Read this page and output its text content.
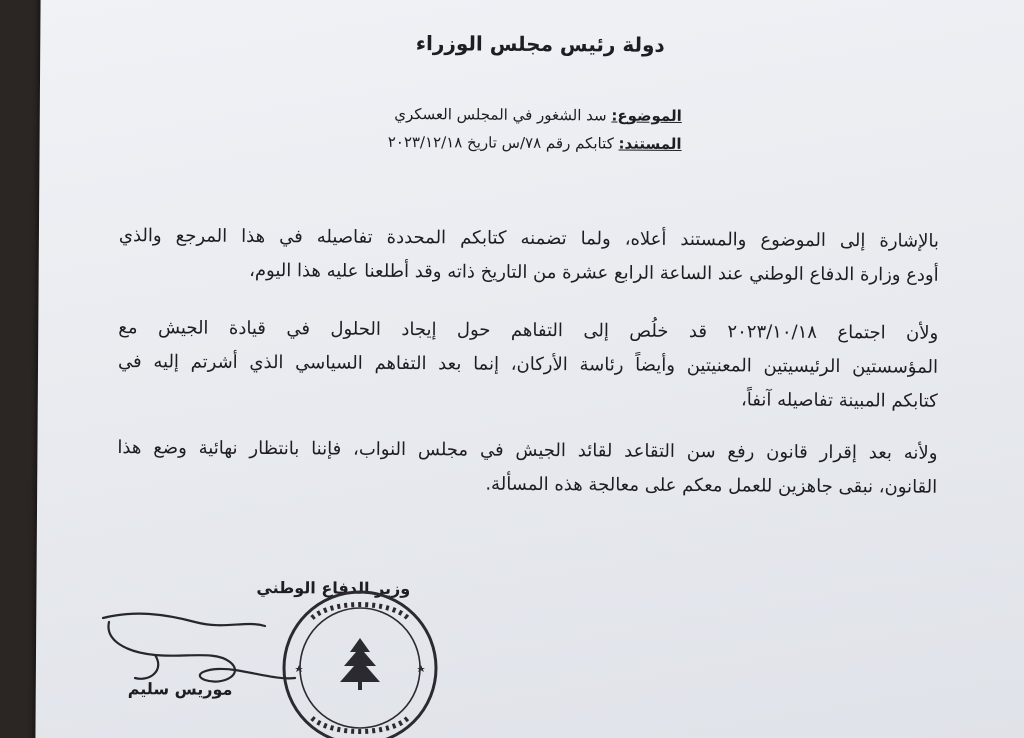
دولة رئيس مجلس الوزراء
الموضوع: سد الشغور في المجلس العسكري
المستند: كتابكم رقم ٧٨/س تاريخ ٢٠٢٣/١٢/١٨
بالإشارة إلى الموضوع والمستند أعلاه، ولما تضمنه كتابكم المحددة تفاصيله في هذا المرجع والذي
أودع وزارة الدفاع الوطني عند الساعة الرابع عشرة من التاريخ ذاته وقد أطلعنا عليه هذا اليوم،
ولأن اجتماع ٢٠٢٣/١٠/١٨ قد خلُص إلى التفاهم حول إيجاد الحلول في قيادة الجيش مع
المؤسستين الرئيسيتين المعنيتين وأيضاً رئاسة الأركان، إنما بعد التفاهم السياسي الذي أشرتم إليه في
كتابكم المبينة تفاصيله آنفاً،
ولأنه بعد إقرار قانون رفع سن التقاعد لقائد الجيش في مجلس النواب، فإننا بانتظار نهائية وضع هذا
القانون، نبقى جاهزين للعمل معكم على معالجة هذه المسألة.
وزير الدفاع الوطني
موريس سليم
